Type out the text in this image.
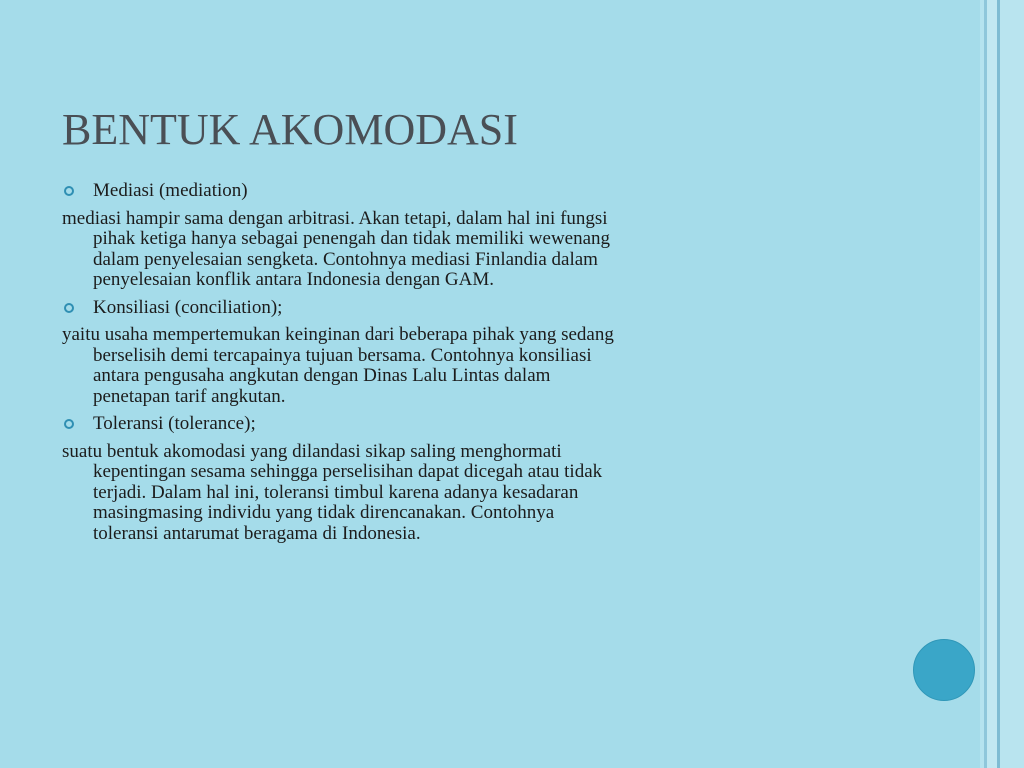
BENTUK AKOMODASI
Mediasi (mediation)

mediasi hampir sama dengan arbitrasi. Akan tetapi, dalam hal ini fungsi pihak ketiga hanya sebagai penengah dan tidak memiliki wewenang dalam penyelesaian sengketa. Contohnya mediasi Finlandia dalam penyelesaian konflik antara Indonesia dengan GAM.

Konsiliasi (conciliation);

yaitu usaha mempertemukan keinginan dari beberapa pihak yang sedang berselisih demi tercapainya tujuan bersama. Contohnya konsiliasi antara pengusaha angkutan dengan Dinas Lalu Lintas dalam penetapan tarif angkutan.

Toleransi (tolerance);

suatu bentuk akomodasi yang dilandasi sikap saling menghormati kepentingan sesama sehingga perselisihan dapat dicegah atau tidak terjadi. Dalam hal ini, toleransi timbul karena adanya kesadaran masingmasing individu yang tidak direncanakan. Contohnya toleransi antarumat beragama di Indonesia.
